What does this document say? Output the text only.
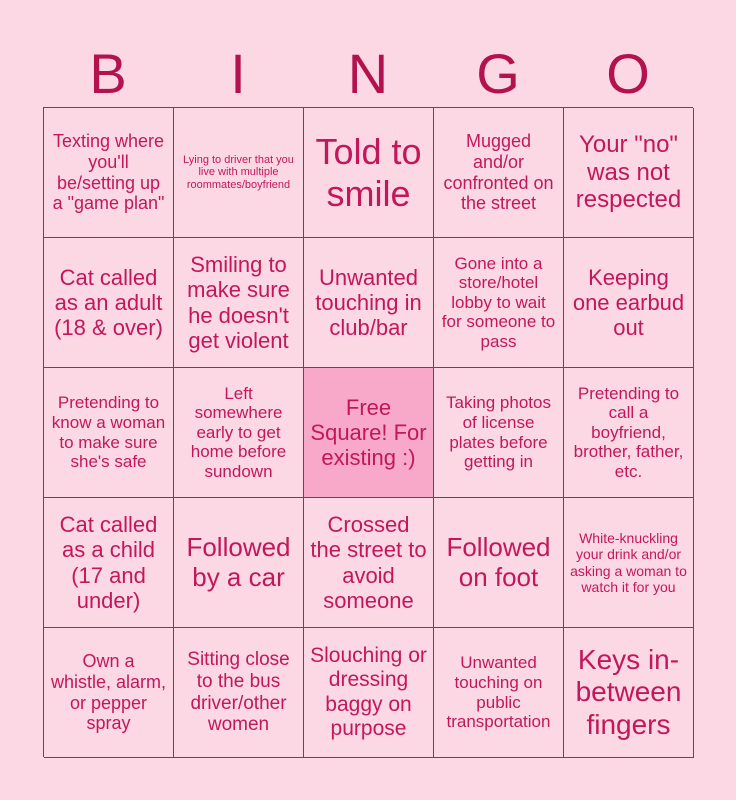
B	I	N	G	O
Texting where you'll be/setting up a "game plan"
Lying to driver that you live with multiple roommates/boyfriend
Told to smile
Mugged and/or confronted on the street
Your "no" was not respected
Cat called as an adult (18 & over)
Smiling to make sure he doesn't get violent
Unwanted touching in club/bar
Gone into a store/hotel lobby to wait for someone to pass
Keeping one earbud out
Pretending to know a woman to make sure she's safe
Left somewhere early to get home before sundown
Free Square! For existing :)
Taking photos of license plates before getting in
Pretending to call a boyfriend, brother, father, etc.
Cat called as a child (17 and under)
Followed by a car
Crossed the street to avoid someone
Followed on foot
White-knuckling your drink and/or asking a woman to watch it for you
Own a whistle, alarm, or pepper spray
Sitting close to the bus driver/other women
Slouching or dressing baggy on purpose
Unwanted touching on public transportation
Keys in-between fingers
